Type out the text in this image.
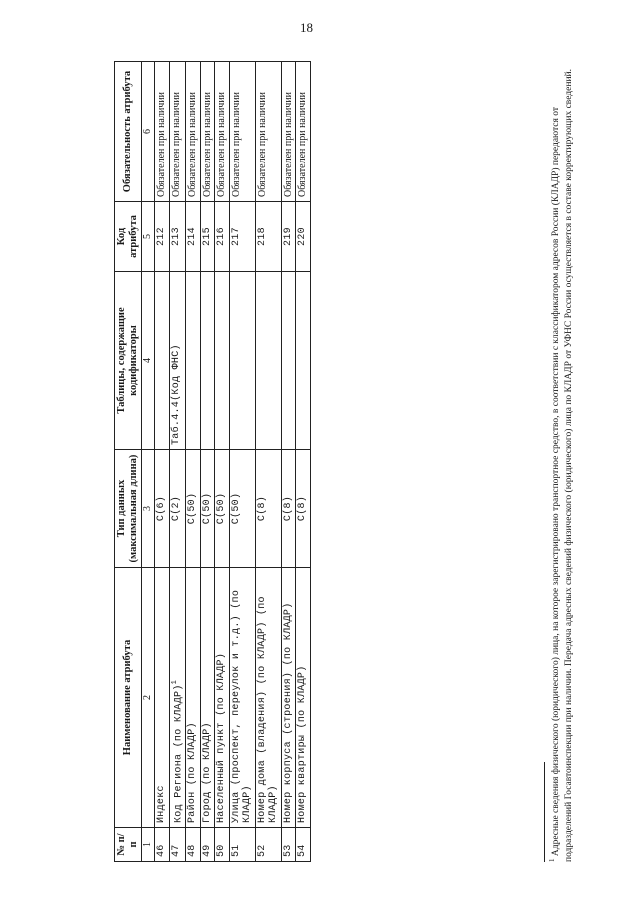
18
№ п/п	Наименование атрибута	Тип данных (максимальная длина)	Таблицы, содержащие кодификаторы	Код атрибута	Обязательность атрибута
1	2	3	4	5	6
46	Индекс	С(6)		212	Обязателен при наличии
47	Код Региона (по КЛАДР)$^1$	С(2)	Таб.4.4(Код ФНС)	213	Обязателен при наличии
48	Район (по КЛАДР)	С(50)		214	Обязателен при наличии
49	Город (по КЛАДР)	С(50)		215	Обязателен при наличии
50	Населенный пункт (по КЛАДР)	С(50)		216	Обязателен при наличии
51	Улица (проспект, переулок и т.д.) (по КЛАДР)	С(50)		217	Обязателен при наличии
52	Номер дома (владения) (по КЛАДР) (по КЛАДР)	С(8)		218	Обязателен при наличии
53	Номер корпуса (строения) (по КЛАДР)	С(8)		219	Обязателен при наличии
54	Номер квартиры (по КЛАДР)	С(8)		220	Обязателен при наличии
$^1$ Адресные сведения физического (юридического) лица, на которое зарегистрировано транспортное средство, в соответствии с классификатором адресов России (КЛАДР) передаются от подразделений Госавтоинспекции при наличии. Передача адресных сведений физического (юридического) лица по КЛАДР от УФНС России осуществляется в составе корректирующих сведений.
